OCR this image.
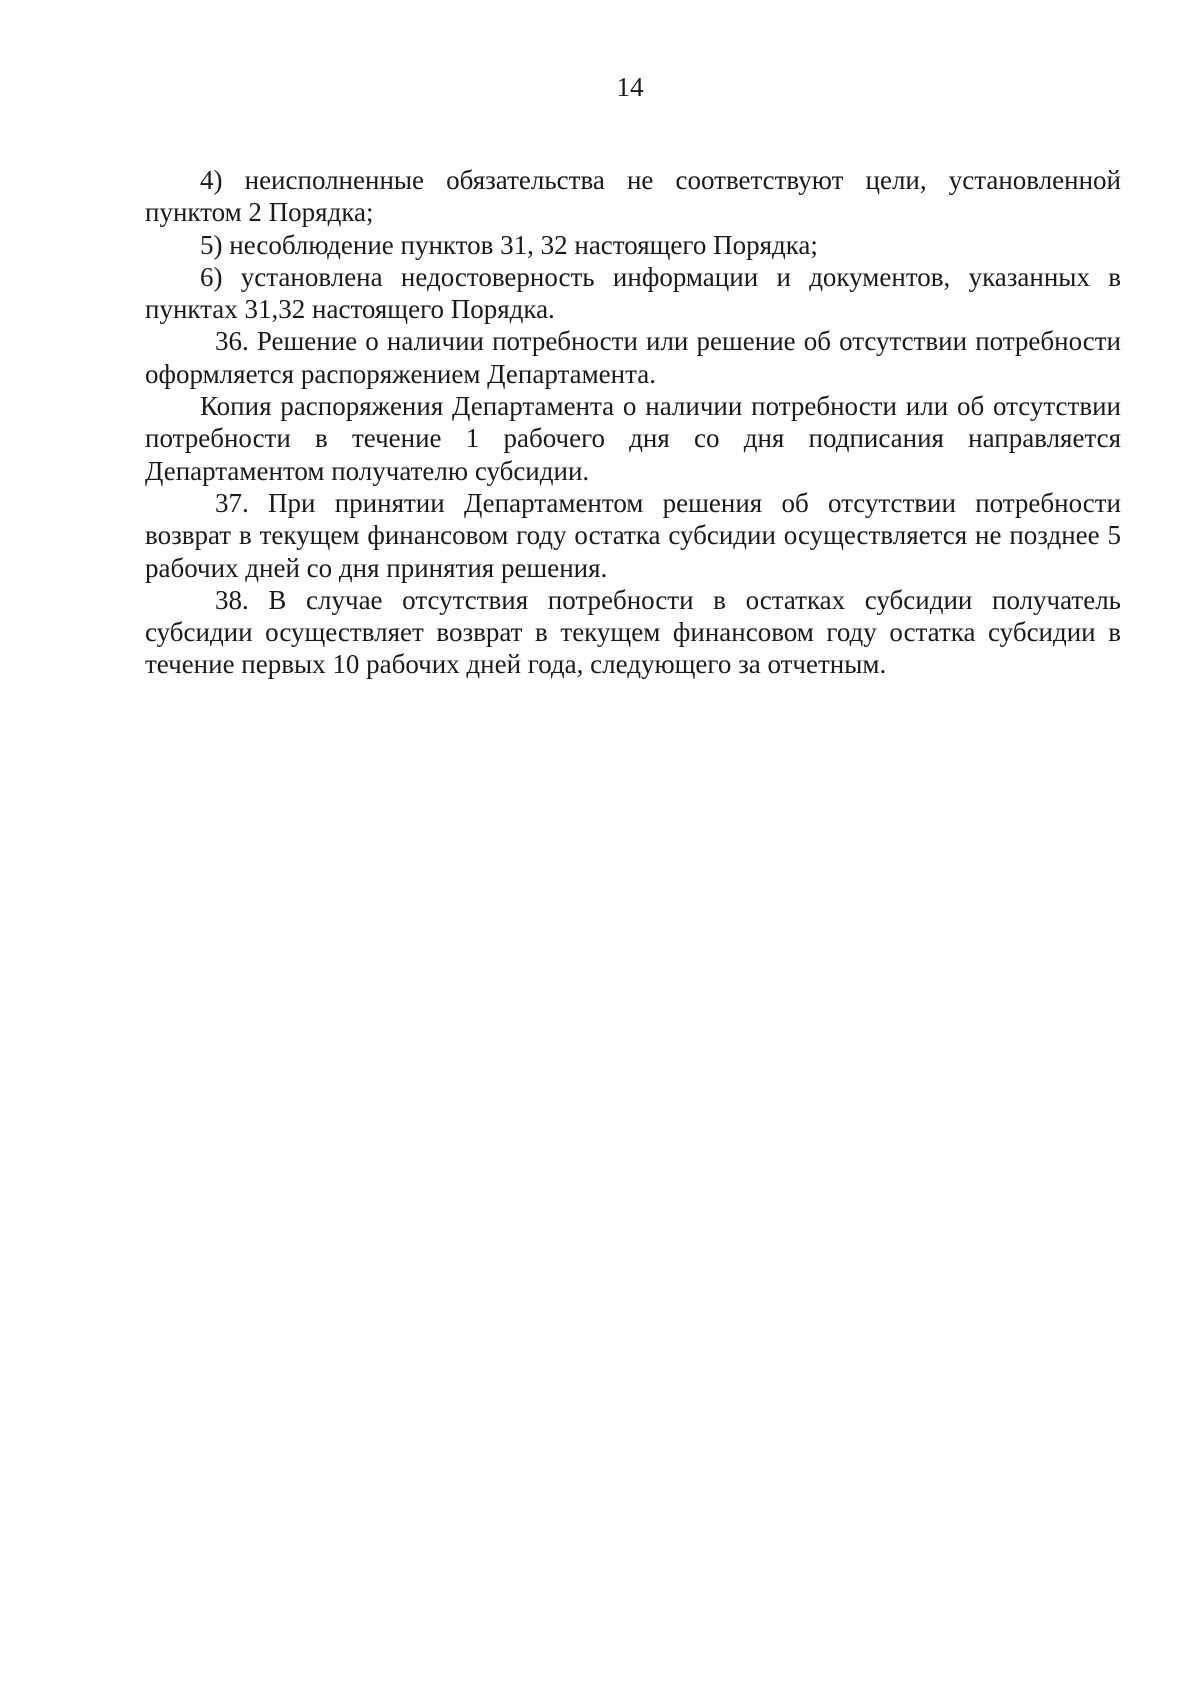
14

4) неисполненные обязательства не соответствуют цели, установленной пунктом 2 Порядка;

5) несоблюдение пунктов 31, 32 настоящего Порядка;

6) установлена недостоверность информации и документов, указанных в пунктах 31,32 настоящего Порядка.

36. Решение о наличии потребности или решение об отсутствии потребности оформляется распоряжением Департамента.

Копия распоряжения Департамента о наличии потребности или об отсутствии потребности в течение 1 рабочего дня со дня подписания направляется Департаментом получателю субсидии.

37. При принятии Департаментом решения об отсутствии потребности возврат в текущем финансовом году остатка субсидии осуществляется не позднее 5 рабочих дней со дня принятия решения.

38. В случае отсутствия потребности в остатках субсидии получатель субсидии осуществляет возврат в текущем финансовом году остатка субсидии в течение первых 10 рабочих дней года, следующего за отчетным.
